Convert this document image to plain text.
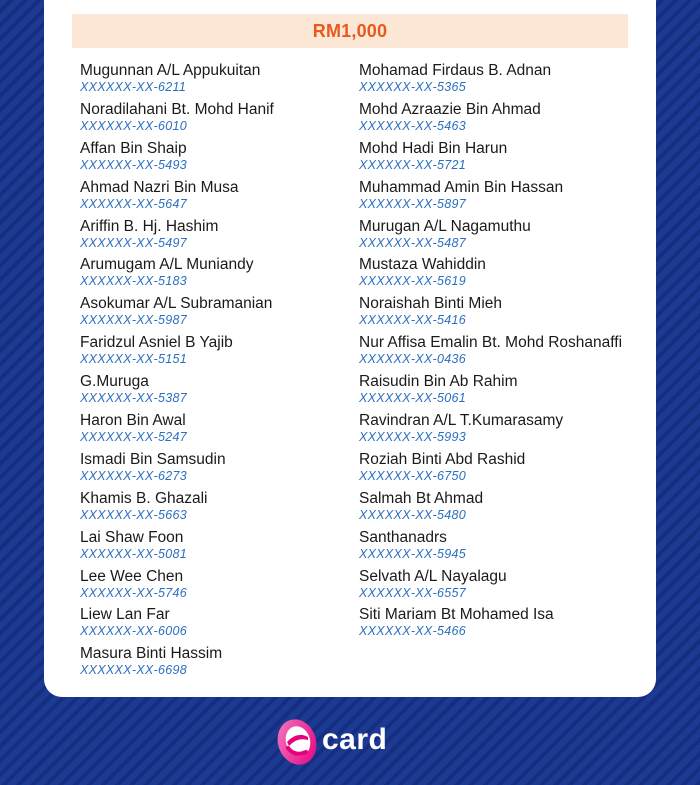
RM1,000
Mugunnan A/L Appukuitan
XXXXXX-XX-6211
Noradilahani Bt. Mohd Hanif
XXXXXX-XX-6010
Affan Bin Shaip
XXXXXX-XX-5493
Ahmad Nazri Bin Musa
XXXXXX-XX-5647
Ariffin B. Hj. Hashim
XXXXXX-XX-5497
Arumugam A/L Muniandy
XXXXXX-XX-5183
Asokumar A/L Subramanian
XXXXXX-XX-5987
Faridzul Asniel B Yajib
XXXXXX-XX-5151
G.Muruga
XXXXXX-XX-5387
Haron Bin Awal
XXXXXX-XX-5247
Ismadi Bin Samsudin
XXXXXX-XX-6273
Khamis B. Ghazali
XXXXXX-XX-5663
Lai Shaw Foon
XXXXXX-XX-5081
Lee Wee Chen
XXXXXX-XX-5746
Liew Lan Far
XXXXXX-XX-6006
Masura Binti Hassim
XXXXXX-XX-6698
Mohamad Firdaus B. Adnan
XXXXXX-XX-5365
Mohd Azraazie Bin Ahmad
XXXXXX-XX-5463
Mohd Hadi Bin Harun
XXXXXX-XX-5721
Muhammad Amin Bin Hassan
XXXXXX-XX-5897
Murugan A/L Nagamuthu
XXXXXX-XX-5487
Mustaza Wahiddin
XXXXXX-XX-5619
Noraishah Binti Mieh
XXXXXX-XX-5416
Nur Affisa Emalin Bt. Mohd Roshanaffi
XXXXXX-XX-0436
Raisudin Bin Ab Rahim
XXXXXX-XX-5061
Ravindran A/L T.Kumarasamy
XXXXXX-XX-5993
Roziah Binti Abd Rashid
XXXXXX-XX-6750
Salmah Bt Ahmad
XXXXXX-XX-5480
Santhanadrs
XXXXXX-XX-5945
Selvath A/L Nayalagu
XXXXXX-XX-6557
Siti Mariam Bt Mohamed Isa
XXXXXX-XX-5466
card
